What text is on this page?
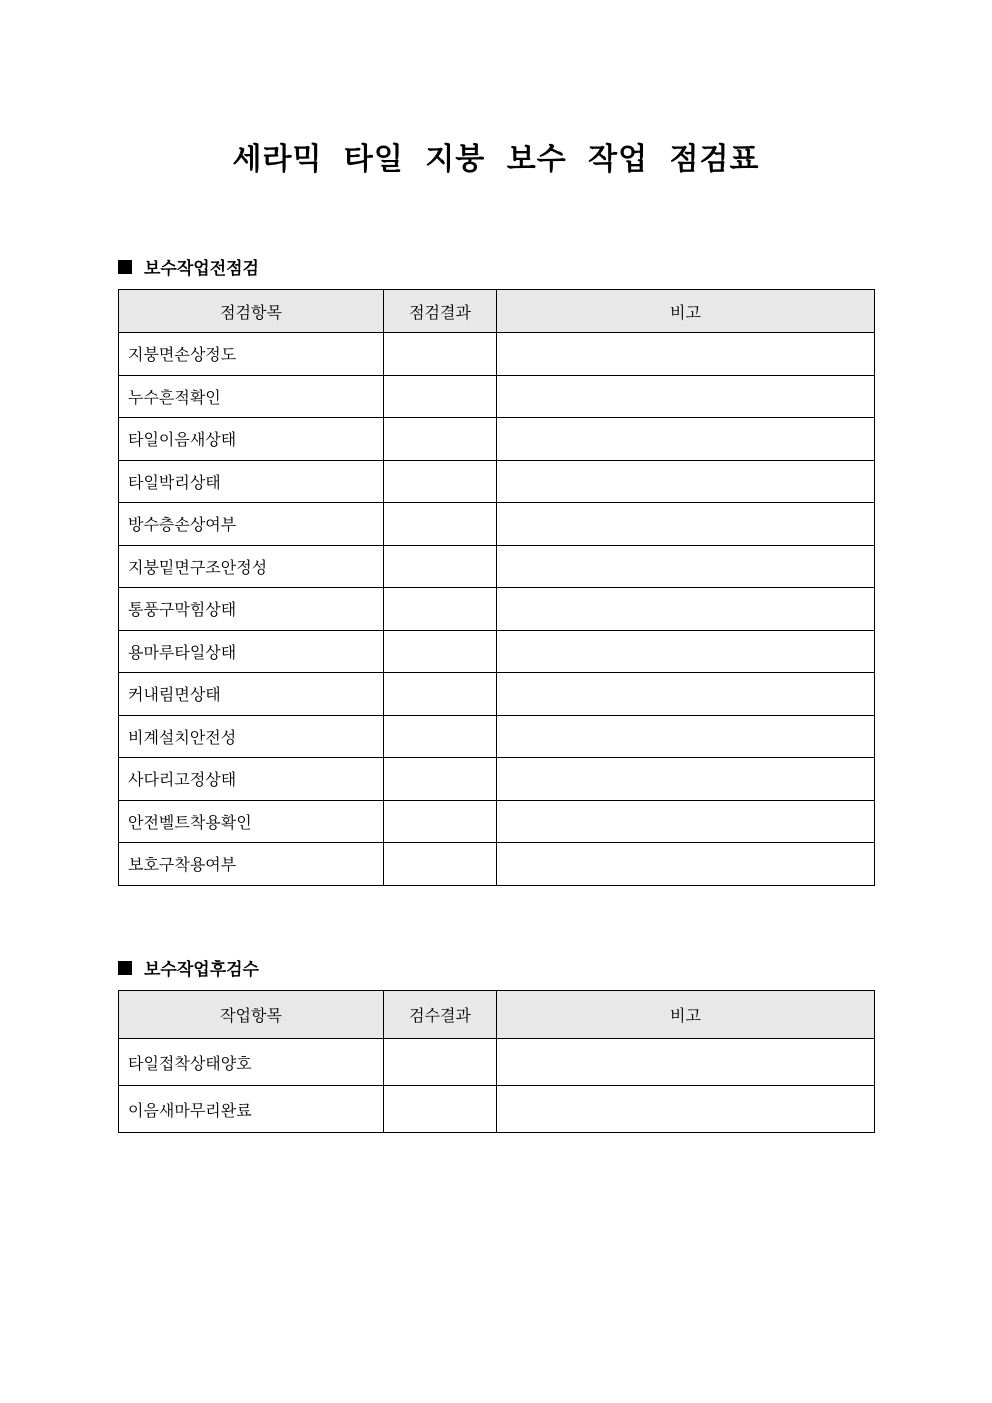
세라믹 타일 지붕 보수 작업 점검표
보수작업전점검
점검항목	점검결과	비고
지붕면손상정도		
누수흔적확인		
타일이음새상태		
타일박리상태		
방수층손상여부		
지붕밑면구조안정성		
통풍구막힘상태		
용마루타일상태		
커내림면상태		
비계설치안전성		
사다리고정상태		
안전벨트착용확인		
보호구착용여부		
보수작업후검수
작업항목	검수결과	비고
타일접착상태양호		
이음새마무리완료		
